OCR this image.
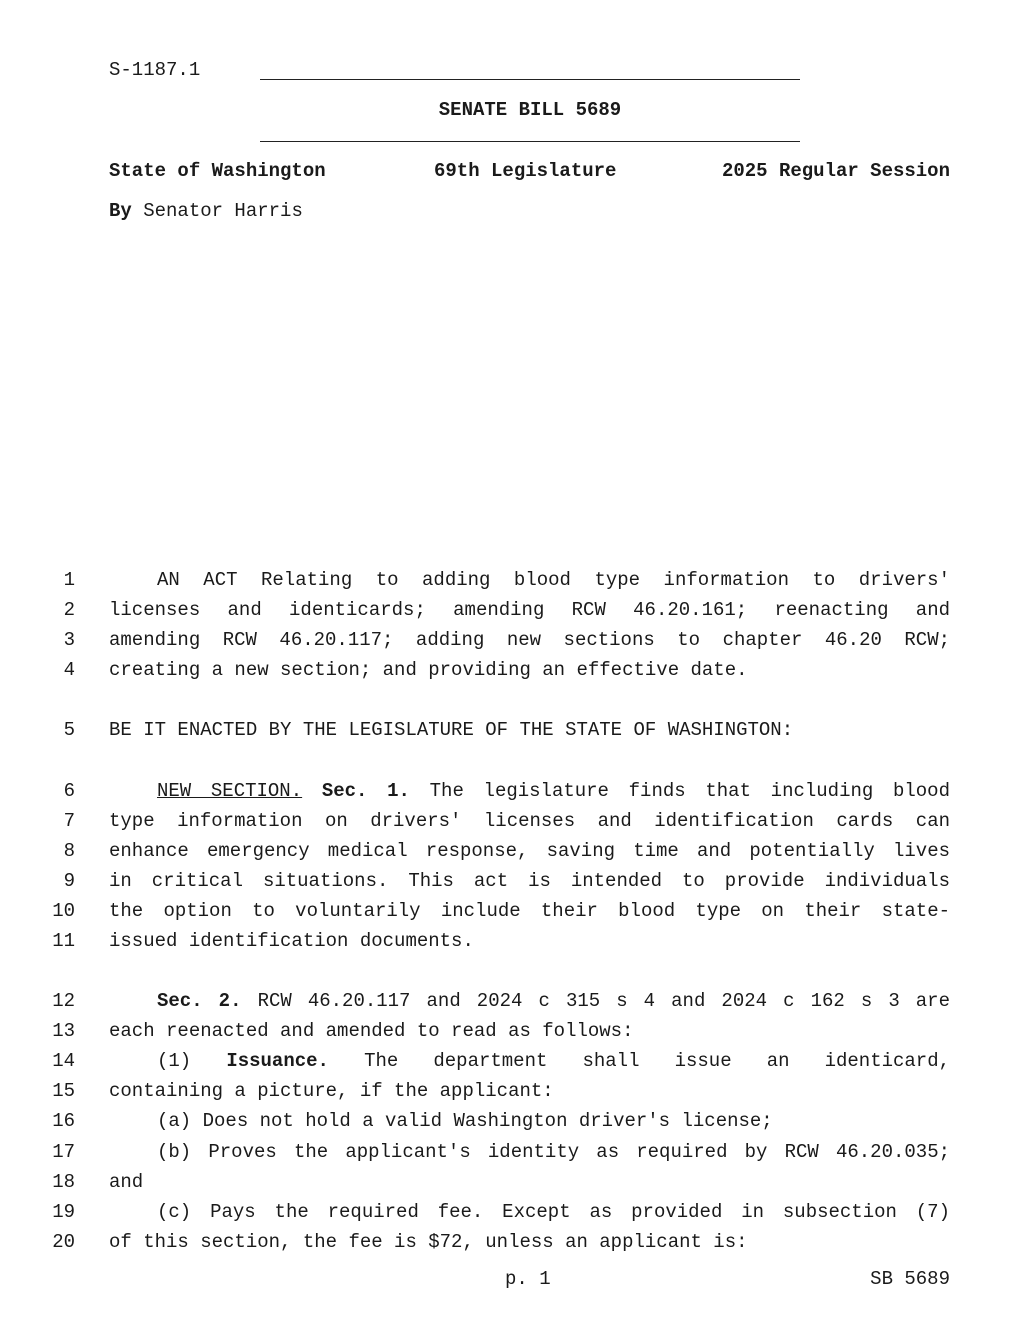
S-1187.1
SENATE BILL 5689
State of Washington	69th Legislature	2025 Regular Session
By Senator Harris
1	AN ACT Relating to adding blood type information to drivers'
2 licenses and identicards; amending RCW 46.20.161; reenacting and
3 amending RCW 46.20.117; adding new sections to chapter 46.20 RCW;
4 creating a new section; and providing an effective date.
5 BE IT ENACTED BY THE LEGISLATURE OF THE STATE OF WASHINGTON:
6	NEW SECTION. Sec. 1. The legislature finds that including blood
7 type information on drivers' licenses and identification cards can
8 enhance emergency medical response, saving time and potentially lives
9 in critical situations. This act is intended to provide individuals
10 the option to voluntarily include their blood type on their state-
11 issued identification documents.
12	Sec. 2. RCW 46.20.117 and 2024 c 315 s 4 and 2024 c 162 s 3 are
13 each reenacted and amended to read as follows:
14	(1) Issuance. The department shall issue an identicard,
15 containing a picture, if the applicant:
16	(a) Does not hold a valid Washington driver's license;
17	(b) Proves the applicant's identity as required by RCW 46.20.035;
18 and
19	(c) Pays the required fee. Except as provided in subsection (7)
20 of this section, the fee is $72, unless an applicant is:
p. 1	SB 5689
